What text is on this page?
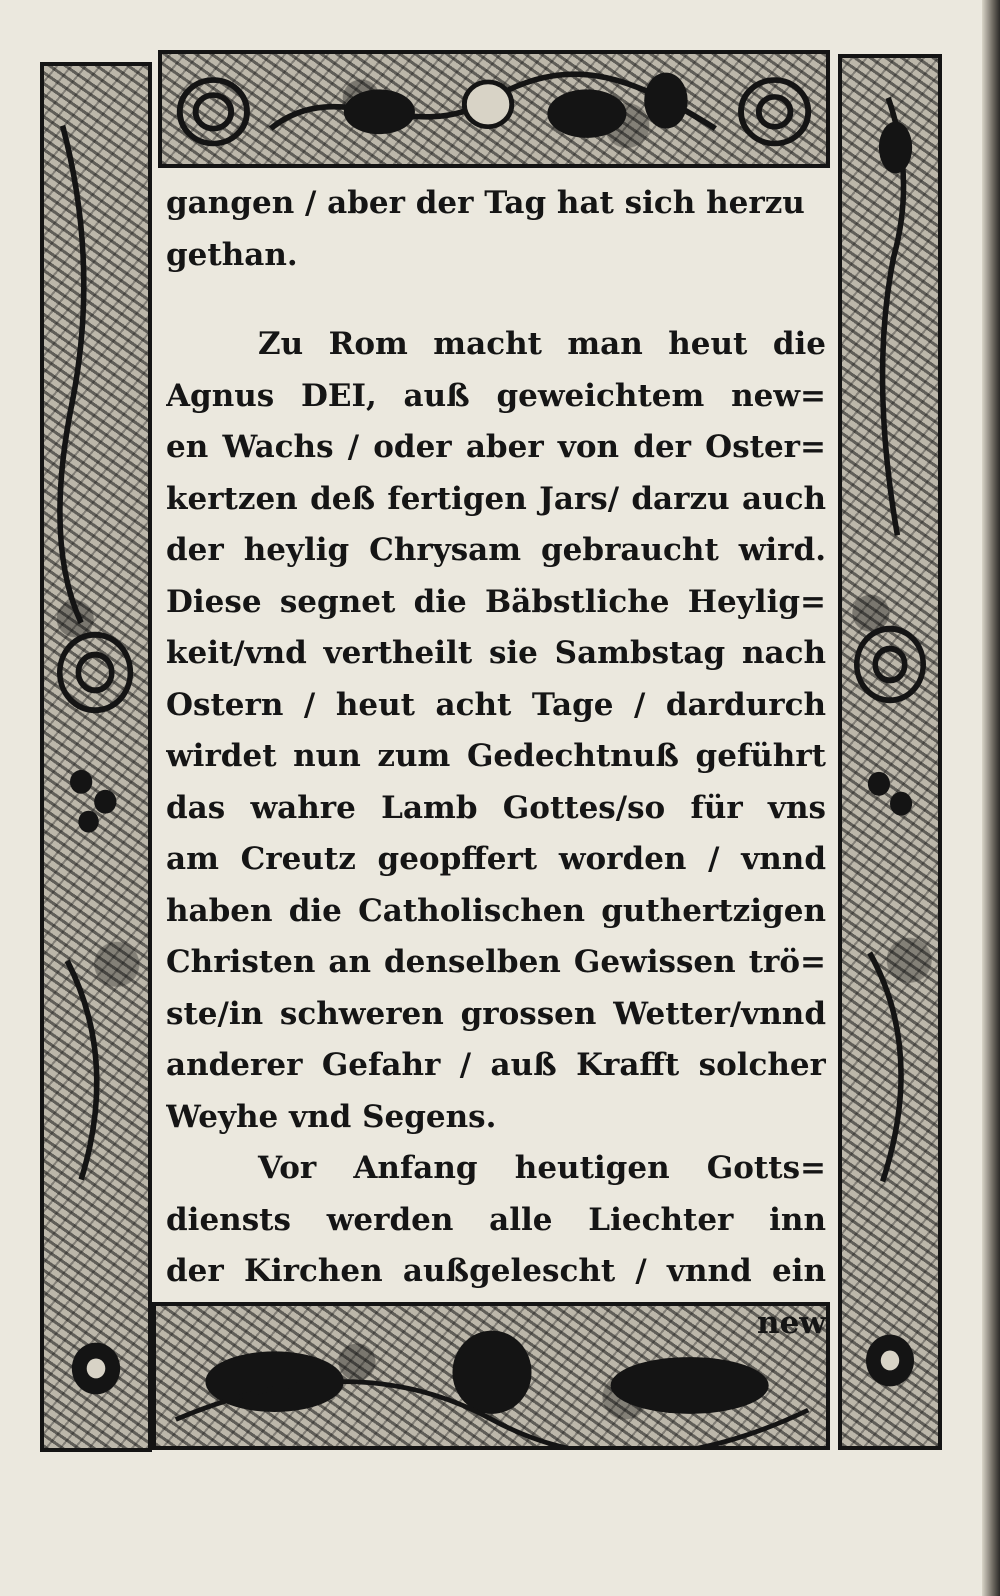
gangen / aber der Tag hat sich herzu
gethan.
Zu Rom macht man heut die
Agnus DEI, auß geweichtem new=
en Wachs / oder aber von der Oster=
kertzen deß fertigen Jars/ darzu auch
der heylig Chrysam gebraucht wird.
Diese segnet die Bäbstliche Heylig=
keit/vnd vertheilt sie Sambstag nach
Ostern / heut acht Tage / dardurch
wirdet nun zum Gedechtnuß geführt
das wahre Lamb Gottes/so für vns
am Creutz geopffert worden / vnnd
haben die Catholischen guthertzigen
Christen an denselben Gewissen trö=
ste/in schweren grossen Wetter/vnnd
anderer Gefahr / auß Krafft solcher
Weyhe vnd Segens.
Vor Anfang heutigen Gotts=
diensts werden alle Liechter inn
der Kirchen außgelescht / vnnd ein
new
